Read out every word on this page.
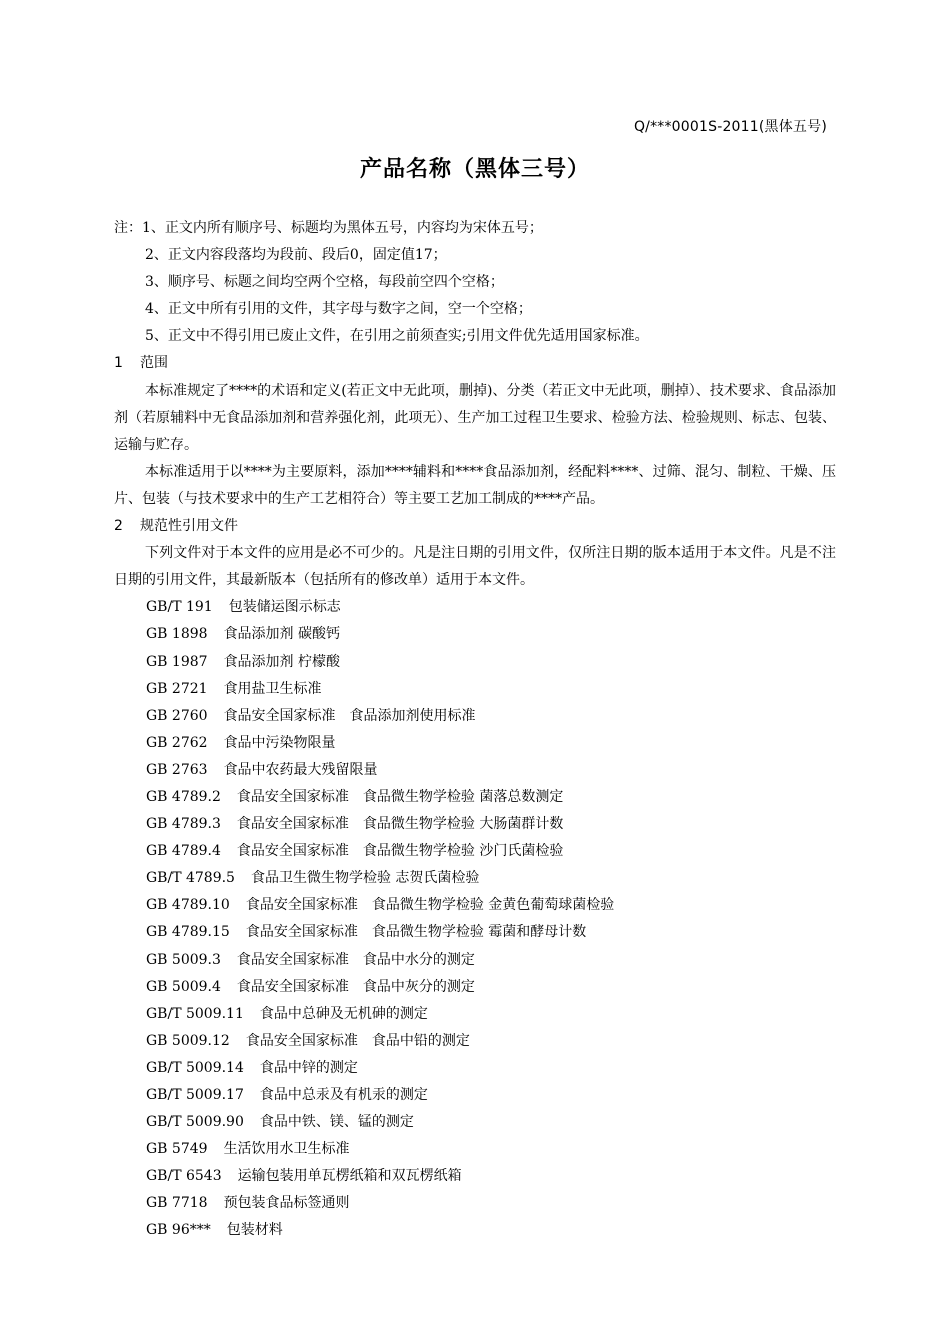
Q/***0001S-2011(黑体五号)
产品名称（黑体三号）
注：1、正文内所有顺序号、标题均为黑体五号，内容均为宋体五号；
2、正文内容段落均为段前、段后0，固定值17；
3、顺序号、标题之间均空两个空格，每段前空四个空格；
4、正文中所有引用的文件，其字母与数字之间，空一个空格；
5、正文中不得引用已废止文件，在引用之前须查实;引用文件优先适用国家标准。
1 范围
本标准规定了****的术语和定义(若正文中无此项，删掉)、分类（若正文中无此项，删掉）、技术要求、食品添加剂（若原辅料中无食品添加剂和营养强化剂，此项无）、生产加工过程卫生要求、检验方法、检验规则、标志、包装、运输与贮存。
本标准适用于以****为主要原料，添加****辅料和****食品添加剂，经配料****、过筛、混匀、制粒、干燥、压片、包装（与技术要求中的生产工艺相符合）等主要工艺加工制成的****产品。
2 规范性引用文件
下列文件对于本文件的应用是必不可少的。凡是注日期的引用文件，仅所注日期的版本适用于本文件。凡是不注日期的引用文件，其最新版本（包括所有的修改单）适用于本文件。
GB/T 191 包装储运图示标志
GB 1898 食品添加剂 碳酸钙
GB 1987 食品添加剂 柠檬酸
GB 2721 食用盐卫生标准
GB 2760 食品安全国家标准　食品添加剂使用标准
GB 2762 食品中污染物限量
GB 2763 食品中农药最大残留限量
GB 4789.2 食品安全国家标准　食品微生物学检验 菌落总数测定
GB 4789.3 食品安全国家标准　食品微生物学检验 大肠菌群计数
GB 4789.4 食品安全国家标准　食品微生物学检验 沙门氏菌检验
GB/T 4789.5 食品卫生微生物学检验 志贺氏菌检验
GB 4789.10 食品安全国家标准　食品微生物学检验 金黄色葡萄球菌检验
GB 4789.15 食品安全国家标准　食品微生物学检验 霉菌和酵母计数
GB 5009.3 食品安全国家标准　食品中水分的测定
GB 5009.4 食品安全国家标准　食品中灰分的测定
GB/T 5009.11 食品中总砷及无机砷的测定
GB 5009.12 食品安全国家标准　食品中铅的测定
GB/T 5009.14 食品中锌的测定
GB/T 5009.17 食品中总汞及有机汞的测定
GB/T 5009.90 食品中铁、镁、锰的测定
GB 5749 生活饮用水卫生标准
GB/T 6543 运输包装用单瓦楞纸箱和双瓦楞纸箱
GB 7718 预包装食品标签通则
GB 96*** 包装材料
